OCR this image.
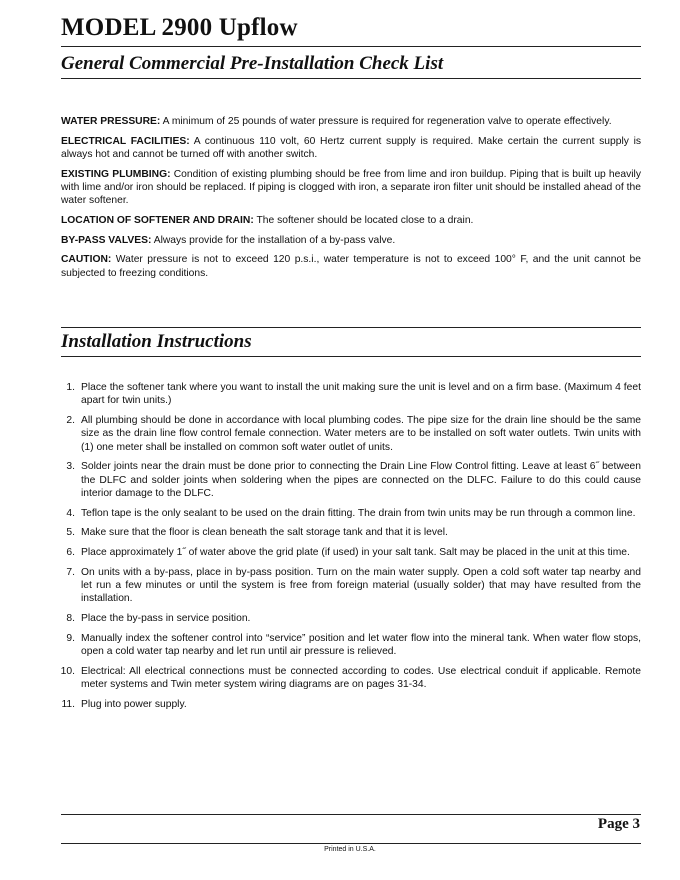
MODEL 2900 Upflow
General Commercial Pre-Installation Check List

WATER PRESSURE: A minimum of 25 pounds of water pressure is required for regeneration valve to operate effectively.

ELECTRICAL FACILITIES: A continuous 110 volt, 60 Hertz current supply is required. Make certain the current supply is always hot and cannot be turned off with another switch.

EXISTING PLUMBING: Condition of existing plumbing should be free from lime and iron buildup. Piping that is built up heavily with lime and/or iron should be replaced. If piping is clogged with iron, a separate iron filter unit should be installed ahead of the water softener.

LOCATION OF SOFTENER AND DRAIN: The softener should be located close to a drain.

BY-PASS VALVES: Always provide for the installation of a by-pass valve.

CAUTION: Water pressure is not to exceed 120 p.s.i., water temperature is not to exceed 100° F, and the unit cannot be subjected to freezing conditions.

Installation Instructions
1. Place the softener tank where you want to install the unit making sure the unit is level and on a firm base. (Maximum 4 feet apart for twin units.)
2. All plumbing should be done in accordance with local plumbing codes. The pipe size for the drain line should be the same size as the drain line flow control female connection. Water meters are to be installed on soft water outlets. Twin units with (1) one meter shall be installed on common soft water outlet of units.
3. Solder joints near the drain must be done prior to connecting the Drain Line Flow Control fitting. Leave at least 6˝ between the DLFC and solder joints when soldering when the pipes are connected on the DLFC. Failure to do this could cause interior damage to the DLFC.
4. Teflon tape is the only sealant to be used on the drain fitting. The drain from twin units may be run through a common line.
5. Make sure that the floor is clean beneath the salt storage tank and that it is level.
6. Place approximately 1˝ of water above the grid plate (if used) in your salt tank. Salt may be placed in the unit at this time.
7. On units with a by-pass, place in by-pass position. Turn on the main water supply. Open a cold soft water tap nearby and let run a few minutes or until the system is free from foreign material (usually solder) that may have resulted from the installation.
8. Place the by-pass in service position.
9. Manually index the softener control into “service” position and let water flow into the mineral tank. When water flow stops, open a cold water tap nearby and let run until air pressure is relieved.
10. Electrical: All electrical connections must be connected according to codes. Use electrical conduit if applicable. Remote meter systems and Twin meter system wiring diagrams are on pages 31-34.
11. Plug into power supply.
Page 3
Printed in U.S.A.
